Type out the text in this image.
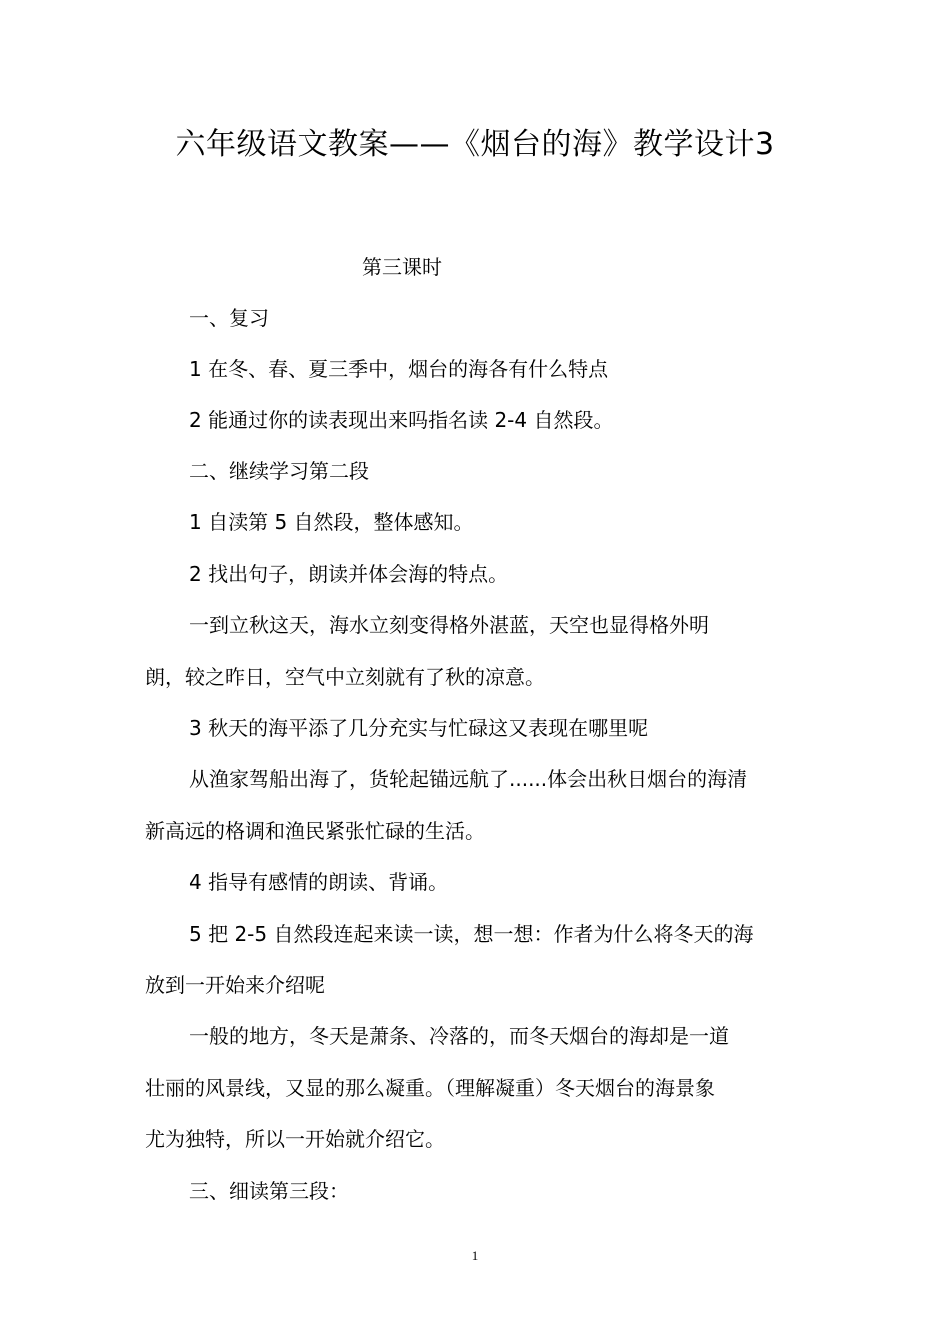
六年级语文教案——《烟台的海》教学设计3
第三课时
一、复习
1 在冬、春、夏三季中，烟台的海各有什么特点
2 能通过你的读表现出来吗指名读 2-4 自然段。
二、继续学习第二段
1 自渎第 5 自然段，整体感知。
2 找出句子，朗读并体会海的特点。
一到立秋这天，海水立刻变得格外湛蓝，天空也显得格外明
朗，较之昨日，空气中立刻就有了秋的凉意。
3 秋天的海平添了几分充实与忙碌这又表现在哪里呢
从渔家驾船出海了，货轮起锚远航了......体会出秋日烟台的海清
新高远的格调和渔民紧张忙碌的生活。
4 指导有感情的朗读、背诵。
5 把 2-5 自然段连起来读一读，想一想：作者为什么将冬天的海
放到一开始来介绍呢
一般的地方，冬天是萧条、冷落的，而冬天烟台的海却是一道
壮丽的风景线，又显的那么凝重。（理解凝重）冬天烟台的海景象
尤为独特，所以一开始就介绍它。
三、细读第三段：
1
